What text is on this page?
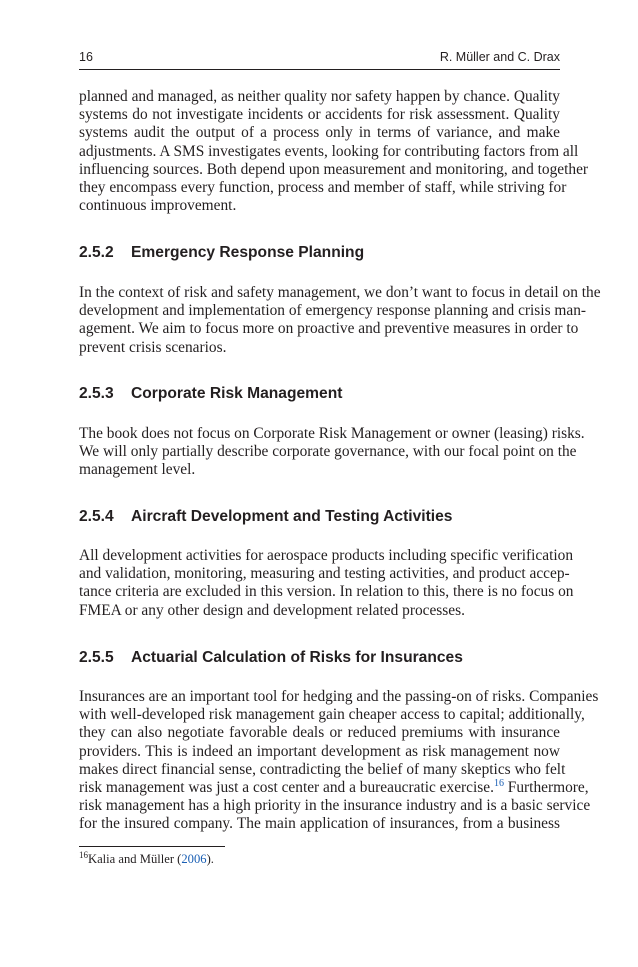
16	R. Müller and C. Drax

planned and managed, as neither quality nor safety happen by chance. Quality
systems do not investigate incidents or accidents for risk assessment. Quality
systems audit the output of a process only in terms of variance, and make
adjustments. A SMS investigates events, looking for contributing factors from all
influencing sources. Both depend upon measurement and monitoring, and together
they encompass every function, process and member of staff, while striving for
continuous improvement.

2.5.2 Emergency Response Planning

In the context of risk and safety management, we don’t want to focus in detail on the
development and implementation of emergency response planning and crisis man-
agement. We aim to focus more on proactive and preventive measures in order to
prevent crisis scenarios.

2.5.3 Corporate Risk Management

The book does not focus on Corporate Risk Management or owner (leasing) risks.
We will only partially describe corporate governance, with our focal point on the
management level.

2.5.4 Aircraft Development and Testing Activities

All development activities for aerospace products including specific verification
and validation, monitoring, measuring and testing activities, and product accep-
tance criteria are excluded in this version. In relation to this, there is no focus on
FMEA or any other design and development related processes.

2.5.5 Actuarial Calculation of Risks for Insurances

Insurances are an important tool for hedging and the passing-on of risks. Companies
with well-developed risk management gain cheaper access to capital; additionally,
they can also negotiate favorable deals or reduced premiums with insurance
providers. This is indeed an important development as risk management now
makes direct financial sense, contradicting the belief of many skeptics who felt
risk management was just a cost center and a bureaucratic exercise.$^{16}$ Furthermore,
risk management has a high priority in the insurance industry and is a basic service
for the insured company. The main application of insurances, from a business

$^{16}$Kalia and Müller (2006).
